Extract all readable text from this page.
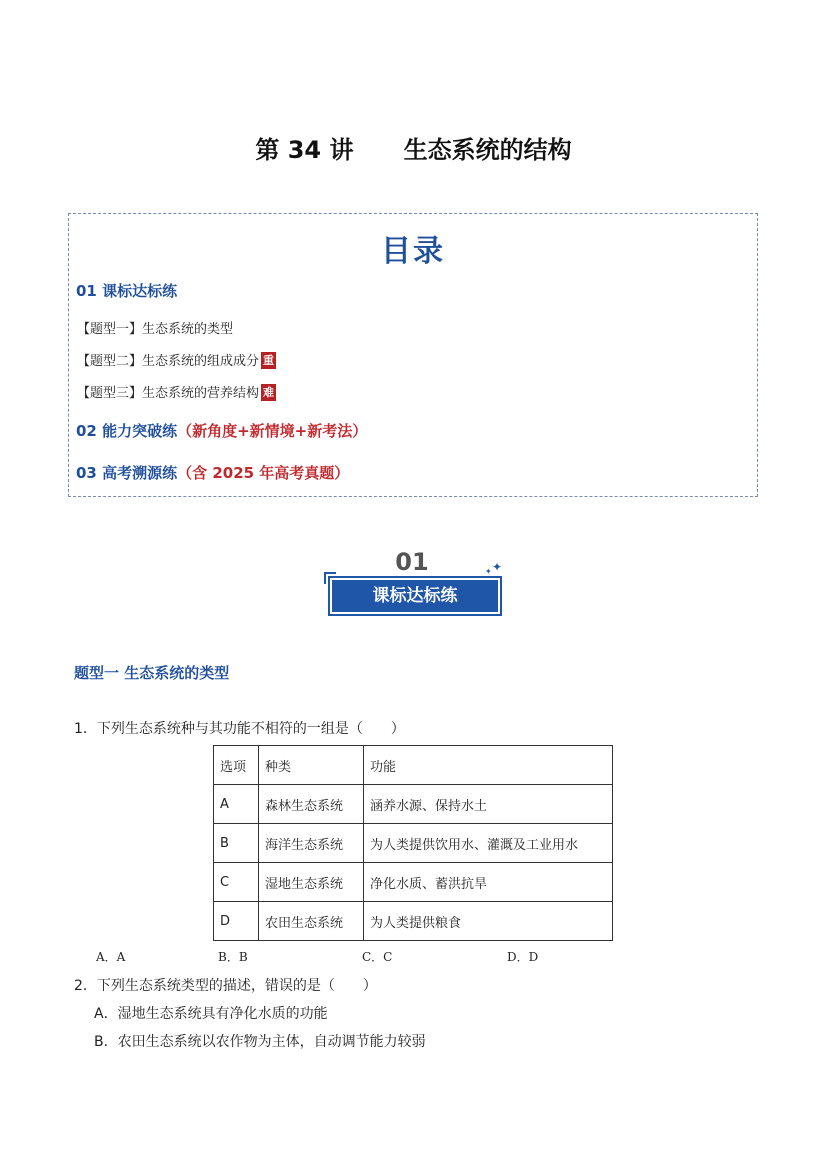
第 34 讲      生态系统的结构
目录
01 课标达标练
【题型一】生态系统的类型
【题型二】生态系统的组成成分 重
【题型三】生态系统的营养结构 难
02 能力突破练（新角度+新情境+新考法）
03 高考溯源练（含 2025 年高考真题）
01
课标达标练
✦
✦
题型一 生态系统的类型
1．下列生态系统种与其功能不相符的一组是（　　）
选项	种类	功能
A	森林生态系统	涵养水源、保持水土
B	海洋生态系统	为人类提供饮用水、灌溉及工业用水
C	湿地生态系统	净化水质、蓄洪抗旱
D	农田生态系统	为人类提供粮食
A．A	B．B	C．C	D．D
2．下列生态系统类型的描述，错误的是（　　）
A．湿地生态系统具有净化水质的功能
B．农田生态系统以农作物为主体，自动调节能力较弱
